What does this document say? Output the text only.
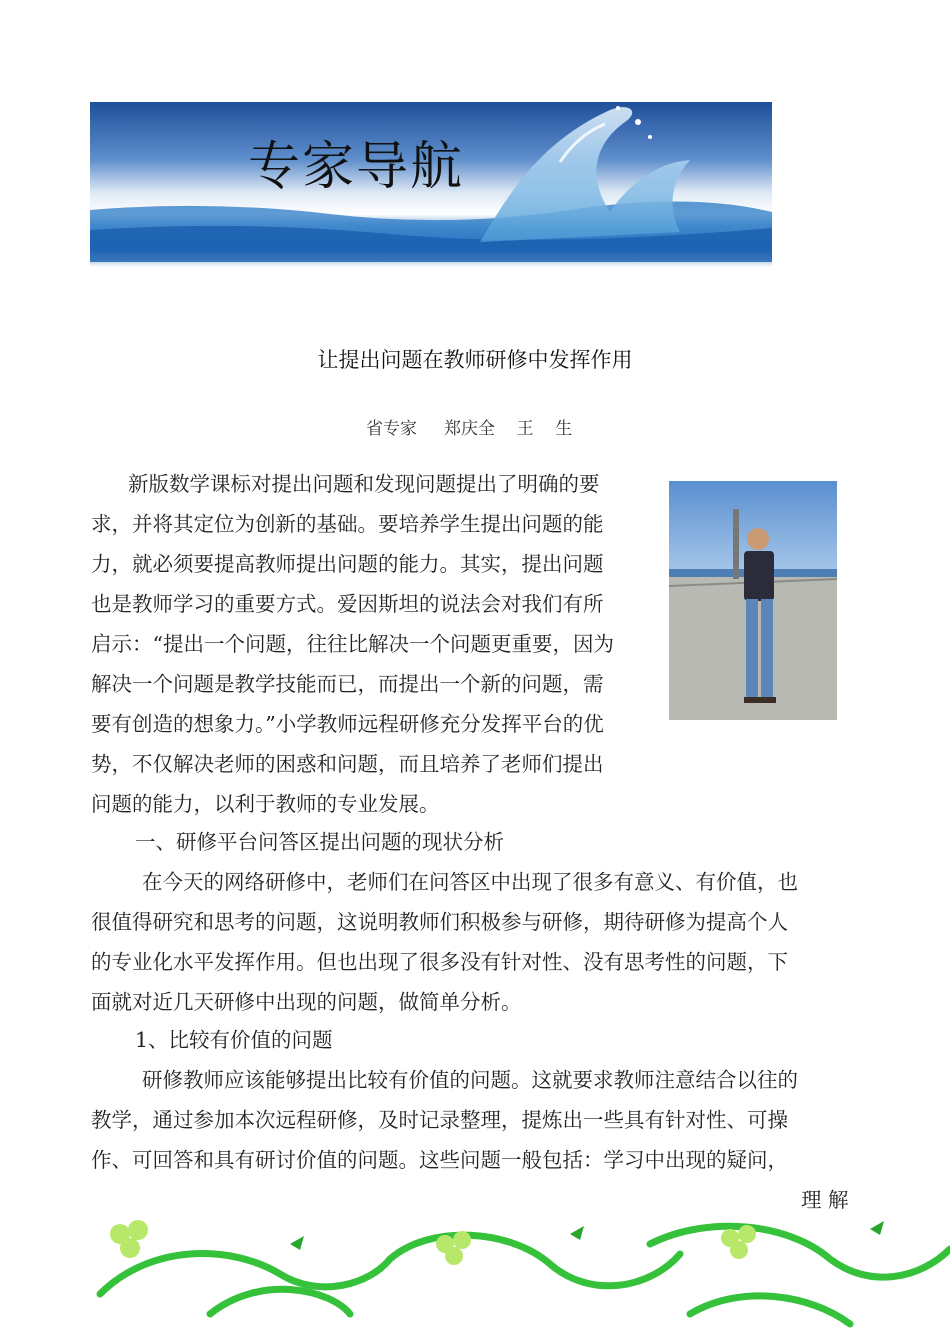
专家导航
让提出问题在教师研修中发挥作用
省专家     郑庆全    王    生
新版数学课标对提出问题和发现问题提出了明确的要
求，并将其定位为创新的基础。要培养学生提出问题的能
力，就必须要提高教师提出问题的能力。其实，提出问题
也是教师学习的重要方式。爱因斯坦的说法会对我们有所
启示：“提出一个问题，往往比解决一个问题更重要，因为
解决一个问题是教学技能而已，而提出一个新的问题，需
要有创造的想象力。”小学教师远程研修充分发挥平台的优
势，不仅解决老师的困惑和问题，而且培养了老师们提出
问题的能力，以利于教师的专业发展。
一、研修平台问答区提出问题的现状分析
在今天的网络研修中，老师们在问答区中出现了很多有意义、有价值，也
很值得研究和思考的问题，这说明教师们积极参与研修，期待研修为提高个人
的专业化水平发挥作用。但也出现了很多没有针对性、没有思考性的问题，下
面就对近几天研修中出现的问题，做简单分析。
1、比较有价值的问题
研修教师应该能够提出比较有价值的问题。这就要求教师注意结合以往的
教学，通过参加本次远程研修，及时记录整理，提炼出一些具有针对性、可操
作、可回答和具有研讨价值的问题。这些问题一般包括：学习中出现的疑问，
理 解
